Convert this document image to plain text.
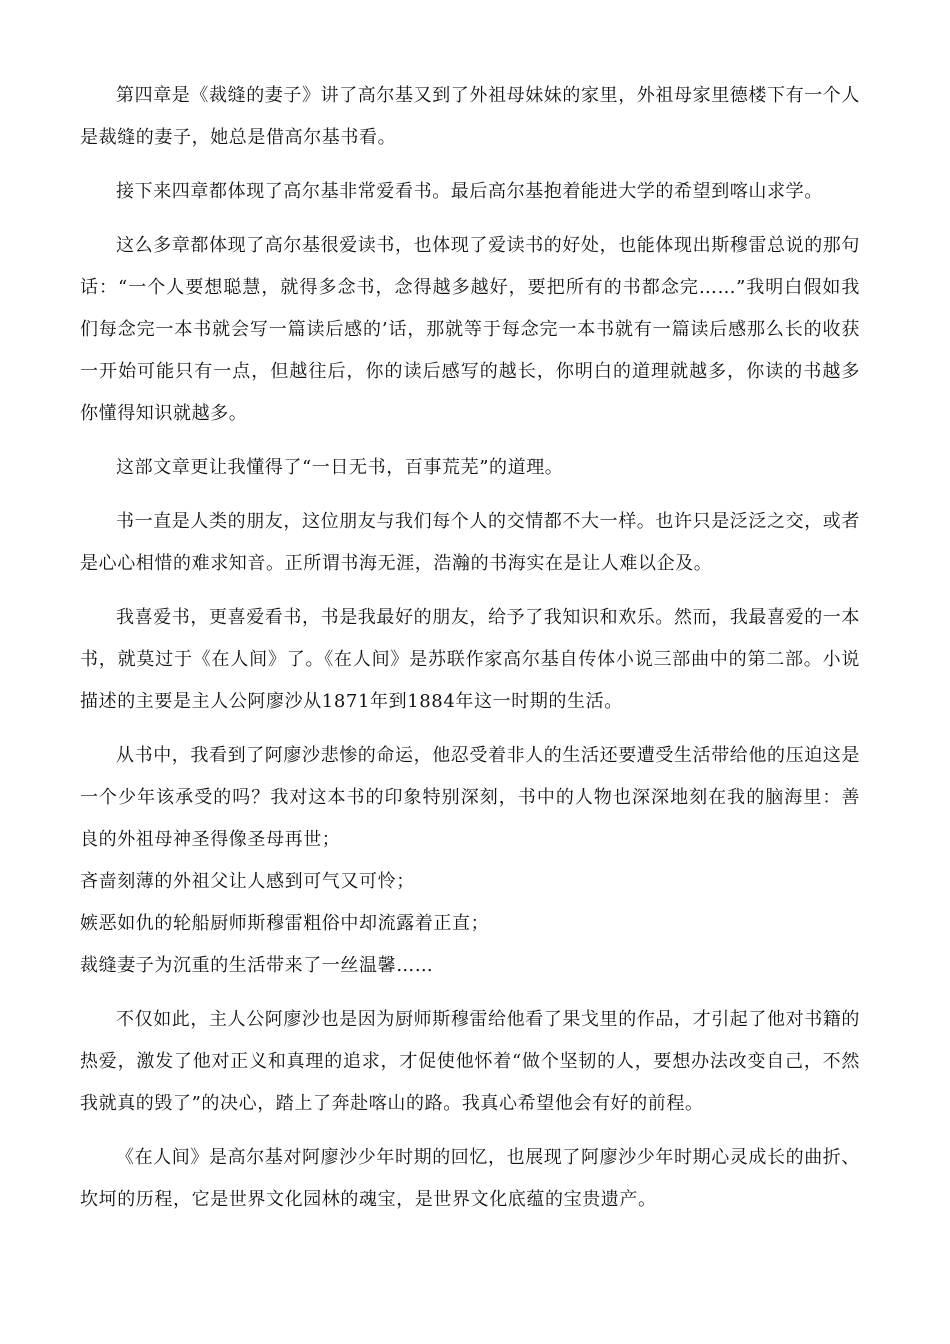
第四章是《裁缝的妻子》讲了高尔基又到了外祖母妹妹的家里，外祖母家里德楼下有一个人是裁缝的妻子，她总是借高尔基书看。

接下来四章都体现了高尔基非常爱看书。最后高尔基抱着能进大学的希望到喀山求学。

这么多章都体现了高尔基很爱读书，也体现了爱读书的好处，也能体现出斯穆雷总说的那句话：“一个人要想聪慧，就得多念书，念得越多越好，要把所有的书都念完……”我明白假如我们每念完一本书就会写一篇读后感的’话，那就等于每念完一本书就有一篇读后感那么长的收获一开始可能只有一点，但越往后，你的读后感写的越长，你明白的道理就越多，你读的书越多你懂得知识就越多。

这部文章更让我懂得了“一日无书，百事荒芜”的道理。

书一直是人类的朋友，这位朋友与我们每个人的交情都不大一样。也许只是泛泛之交，或者是心心相惜的难求知音。正所谓书海无涯，浩瀚的书海实在是让人难以企及。

我喜爱书，更喜爱看书，书是我最好的朋友，给予了我知识和欢乐。然而，我最喜爱的一本书，就莫过于《在人间》了。《在人间》是苏联作家高尔基自传体小说三部曲中的第二部。小说描述的主要是主人公阿廖沙从1871年到1884年这一时期的生活。

从书中，我看到了阿廖沙悲惨的命运，他忍受着非人的生活还要遭受生活带给他的压迫这是一个少年该承受的吗？我对这本书的印象特别深刻，书中的人物也深深地刻在我的脑海里：善良的外祖母神圣得像圣母再世；

吝啬刻薄的外祖父让人感到可气又可怜；

嫉恶如仇的轮船厨师斯穆雷粗俗中却流露着正直；

裁缝妻子为沉重的生活带来了一丝温馨……

不仅如此，主人公阿廖沙也是因为厨师斯穆雷给他看了果戈里的作品，才引起了他对书籍的热爱，激发了他对正义和真理的追求，才促使他怀着“做个坚韧的人，要想办法改变自己，不然我就真的毁了”的决心，踏上了奔赴喀山的路。我真心希望他会有好的前程。

《在人间》是高尔基对阿廖沙少年时期的回忆，也展现了阿廖沙少年时期心灵成长的曲折、坎坷的历程，它是世界文化园林的魂宝，是世界文化底蕴的宝贵遗产。
